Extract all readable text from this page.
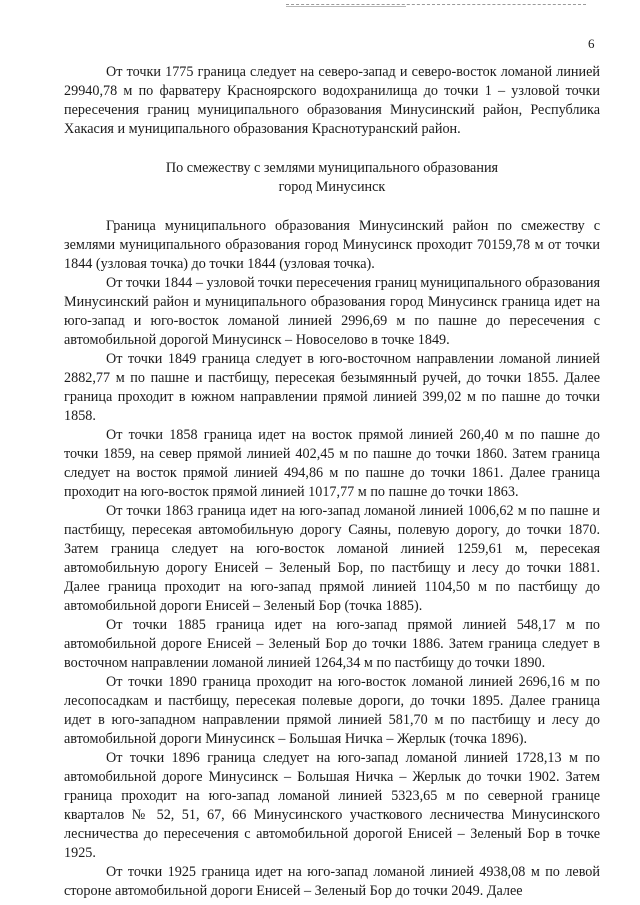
6

От точки 1775 граница следует на северо-запад и северо-восток ломаной линией 29940,78 м по фарватеру Красноярского водохранилища до точки 1 – узловой точки пересечения границ муниципального образования Минусинский район, Республика Хакасия и муниципального образования Краснотуранский район.

По смежеству с землями муниципального образования
город Минусинск

Граница муниципального образования Минусинский район по смежеству с землями муниципального образования город Минусинск проходит 70159,78 м от точки 1844 (узловая точка) до точки 1844 (узловая точка).

От точки 1844 – узловой точки пересечения границ муниципального образования Минусинский район и муниципального образования город Минусинск граница идет на юго-запад и юго-восток ломаной линией 2996,69 м по пашне до пересечения с автомобильной дорогой Минусинск – Новоселово в точке 1849.

От точки 1849 граница следует в юго-восточном направлении ломаной линией 2882,77 м по пашне и пастбищу, пересекая безымянный ручей, до точки 1855. Далее граница проходит в южном направлении прямой линией 399,02 м по пашне до точки 1858.

От точки 1858 граница идет на восток прямой линией 260,40 м по пашне до точки 1859, на север прямой линией 402,45 м по пашне до точки 1860. Затем граница следует на восток прямой линией 494,86 м по пашне до точки 1861. Далее граница проходит на юго-восток прямой линией 1017,77 м по пашне до точки 1863.

От точки 1863 граница идет на юго-запад ломаной линией 1006,62 м по пашне и пастбищу, пересекая автомобильную дорогу Саяны, полевую дорогу, до точки 1870. Затем граница следует на юго-восток ломаной линией 1259,61 м, пересекая автомобильную дорогу Енисей – Зеленый Бор, по пастбищу и лесу до точки 1881. Далее граница проходит на юго-запад прямой линией 1104,50 м по пастбищу до автомобильной дороги Енисей – Зеленый Бор (точка 1885).

От точки 1885 граница идет на юго-запад прямой линией 548,17 м по автомобильной дороге Енисей – Зеленый Бор до точки 1886. Затем граница следует в восточном направлении ломаной линией 1264,34 м по пастбищу до точки 1890.

От точки 1890 граница проходит на юго-восток ломаной линией 2696,16 м по лесопосадкам и пастбищу, пересекая полевые дороги, до точки 1895. Далее граница идет в юго-западном направлении прямой линией 581,70 м по пастбищу и лесу до автомобильной дороги Минусинск – Большая Ничка – Жерлык (точка 1896).

От точки 1896 граница следует на юго-запад ломаной линией 1728,13 м по автомобильной дороге Минусинск – Большая Ничка – Жерлык до точки 1902. Затем граница проходит на юго-запад ломаной линией 5323,65 м по северной границе кварталов № 52, 51, 67, 66 Минусинского участкового лесничества Минусинского лесничества до пересечения с автомобильной дорогой Енисей – Зеленый Бор в точке 1925.

От точки 1925 граница идет на юго-запад ломаной линией 4938,08 м по левой стороне автомобильной дороги Енисей – Зеленый Бор до точки 2049. Далее
